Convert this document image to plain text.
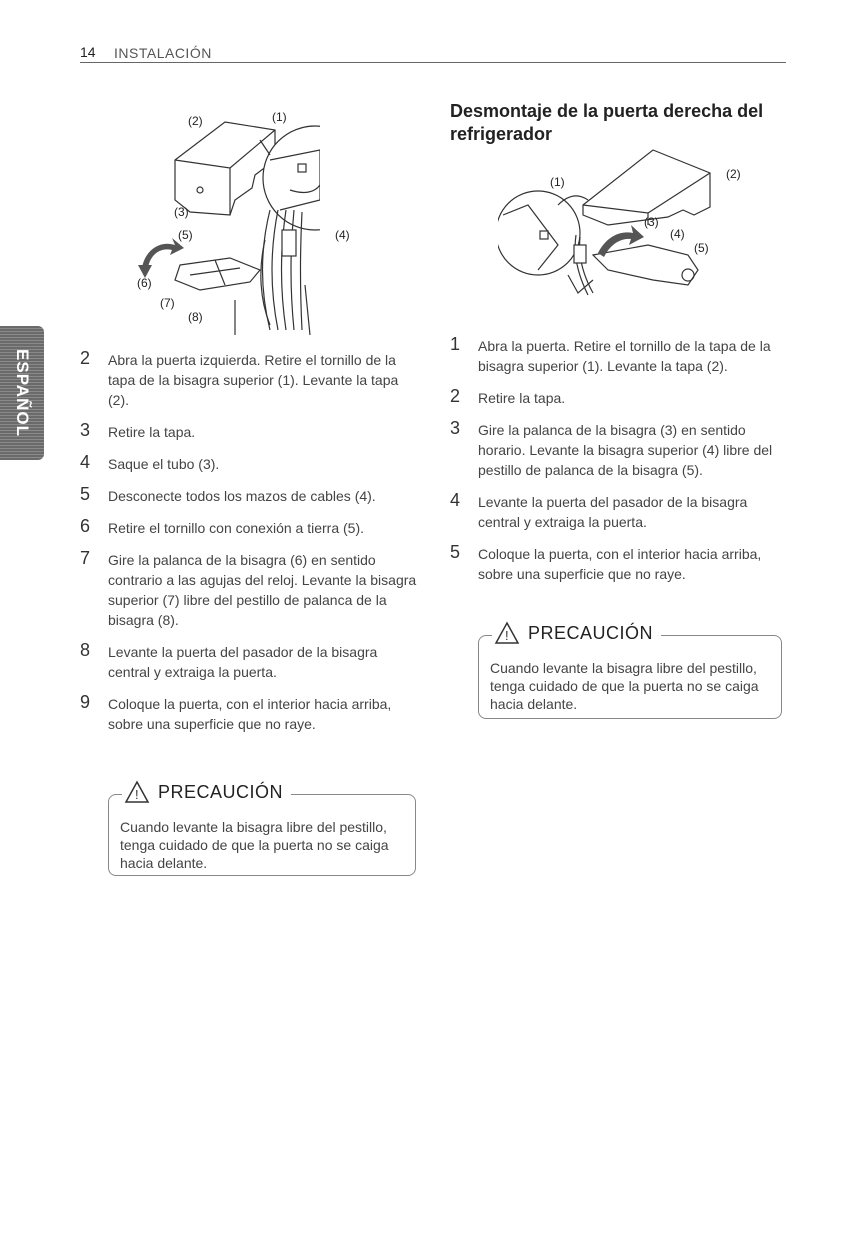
14 INSTALACIÓN
ESPAÑOL
(2)	(1)
(3)
(5)	(4)
(6)
(7)
(8)
Desmontaje de la puerta derecha del refrigerador
(1)
(2)
(3)
(4)
(5)
2 Abra la puerta izquierda. Retire el tornillo de la tapa de la bisagra superior (1). Levante la tapa (2).
3 Retire la tapa.
4 Saque el tubo (3).
5 Desconecte todos los mazos de cables (4).
6 Retire el tornillo con conexión a tierra (5).
7 Gire la palanca de la bisagra (6) en sentido contrario a las agujas del reloj. Levante la bisagra superior (7) libre del pestillo de palanca de la bisagra (8).
8 Levante la puerta del pasador de la bisagra central y extraiga la puerta.
9 Coloque la puerta, con el interior hacia arriba, sobre una superficie que no raye.
1 Abra la puerta. Retire el tornillo de la tapa de la bisagra superior (1). Levante la tapa (2).
2 Retire la tapa.
3 Gire la palanca de la bisagra (3) en sentido horario. Levante la bisagra superior (4) libre del pestillo de palanca de la bisagra (5).
4 Levante la puerta del pasador de la bisagra central y extraiga la puerta.
5 Coloque la puerta, con el interior hacia arriba, sobre una superficie que no raye.
! PRECAUCIÓN
Cuando levante la bisagra libre del pestillo, tenga cuidado de que la puerta no se caiga hacia delante.
! PRECAUCIÓN
Cuando levante la bisagra libre del pestillo, tenga cuidado de que la puerta no se caiga hacia delante.
